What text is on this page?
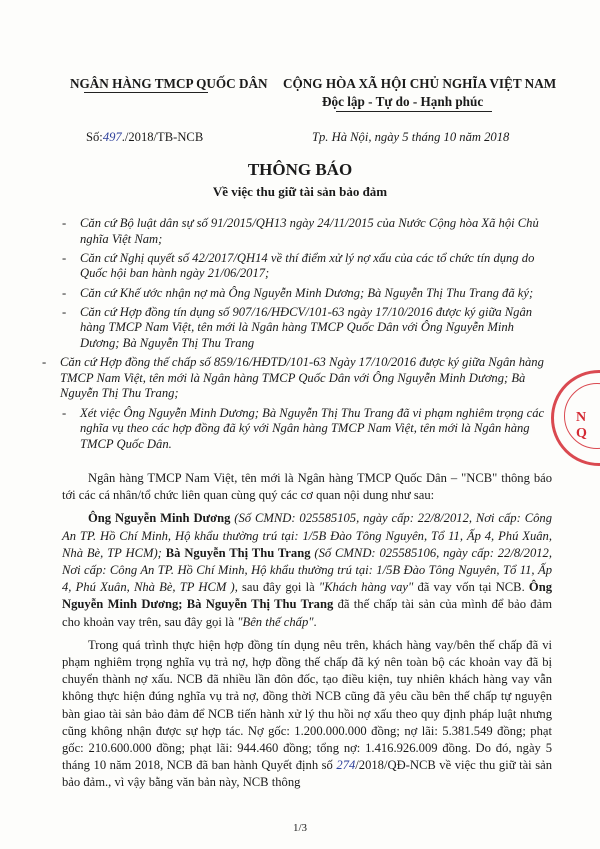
NGÂN HÀNG TMCP QUỐC DÂN CỘNG HÒA XÃ HỘI CHỦ NGHĨA VIỆT NAM
Độc lập - Tự do - Hạnh phúc
Số:497./2018/TB-NCB	Tp. Hà Nội, ngày 5 tháng 10 năm 2018
THÔNG BÁO
Về việc thu giữ tài sản bảo đảm
- Căn cứ Bộ luật dân sự số 91/2015/QH13 ngày 24/11/2015 của Nước Cộng hòa Xã hội Chủ nghĩa Việt Nam;
- Căn cứ Nghị quyết số 42/2017/QH14 về thí điểm xử lý nợ xấu của các tổ chức tín dụng do Quốc hội ban hành ngày 21/06/2017;
- Căn cứ Khế ước nhận nợ mà Ông Nguyễn Minh Dương; Bà Nguyễn Thị Thu Trang đã ký;
- Căn cứ Hợp đồng tín dụng số 907/16/HĐCV/101-63 ngày 17/10/2016 được ký giữa Ngân hàng TMCP Nam Việt, tên mới là Ngân hàng TMCP Quốc Dân với Ông Nguyễn Minh Dương; Bà Nguyễn Thị Thu Trang
- Căn cứ Hợp đồng thế chấp số 859/16/HĐTD/101-63 Ngày 17/10/2016 được ký giữa Ngân hàng TMCP Nam Việt, tên mới là Ngân hàng TMCP Quốc Dân với Ông Nguyễn Minh Dương; Bà Nguyễn Thị Thu Trang;
- Xét việc Ông Nguyễn Minh Dương; Bà Nguyễn Thị Thu Trang đã vi phạm nghiêm trọng các nghĩa vụ theo các hợp đồng đã ký với Ngân hàng TMCP Nam Việt, tên mới là Ngân hàng TMCP Quốc Dân.

Ngân hàng TMCP Nam Việt, tên mới là Ngân hàng TMCP Quốc Dân – "NCB" thông báo tới các cá nhân/tổ chức liên quan cùng quý các cơ quan nội dung như sau:

Ông Nguyễn Minh Dương (Số CMND: 025585105, ngày cấp: 22/8/2012, Nơi cấp: Công An TP. Hồ Chí Minh, Hộ khẩu thường trú tại: 1/5B Đào Tông Nguyên, Tổ 11, Ấp 4, Phú Xuân, Nhà Bè, TP HCM); Bà Nguyễn Thị Thu Trang (Số CMND: 025585106, ngày cấp: 22/8/2012, Nơi cấp: Công An TP. Hồ Chí Minh, Hộ khẩu thường trú tại: 1/5B Đào Tông Nguyên, Tổ 11, Ấp 4, Phú Xuân, Nhà Bè, TP HCM ), sau đây gọi là "Khách hàng vay" đã vay vốn tại NCB. Ông Nguyễn Minh Dương; Bà Nguyễn Thị Thu Trang đã thế chấp tài sản của mình để bảo đảm cho khoản vay trên, sau đây gọi là "Bên thế chấp".

Trong quá trình thực hiện hợp đồng tín dụng nêu trên, khách hàng vay/bên thế chấp đã vi phạm nghiêm trọng nghĩa vụ trả nợ, hợp đồng thế chấp đã ký nên toàn bộ các khoản vay đã bị chuyển thành nợ xấu. NCB đã nhiều lần đôn đốc, tạo điều kiện, tuy nhiên khách hàng vay vẫn không thực hiện đúng nghĩa vụ trả nợ, đồng thời NCB cũng đã yêu cầu bên thế chấp tự nguyện bàn giao tài sản bảo đảm để NCB tiến hành xử lý thu hồi nợ xấu theo quy định pháp luật nhưng cũng không nhận được sự hợp tác. Nợ gốc: 1.200.000.000 đồng; nợ lãi: 5.381.549 đồng; phạt gốc: 210.600.000 đồng; phạt lãi: 944.460 đồng; tổng nợ: 1.416.926.009 đồng. Do đó, ngày 5 tháng 10 năm 2018, NCB đã ban hành Quyết định số 274/2018/QĐ-NCB về việc thu giữ tài sản bảo đảm., vì vậy bằng văn bản này, NCB thông

N Q
1/3
